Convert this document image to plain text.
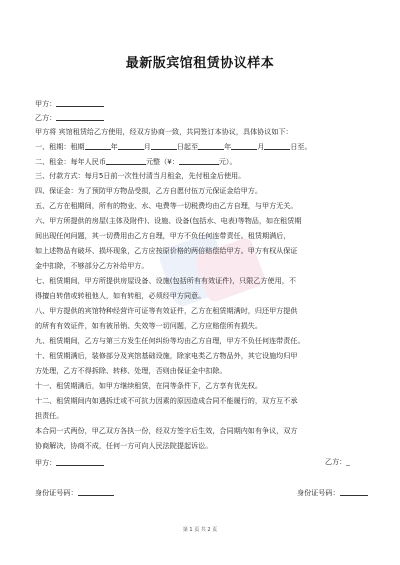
最新版宾馆租赁协议样本
甲方：
乙方：
甲方将 宾馆租赁给乙方使用，经双方协商一致，共同签订本协议，具体协议如下：
一、租期：租期	年	月	日起至	年	月	日至。
二、租金：每年人民币	元整（¥：	元）。
三、付款方式：每月5日前一次性付清当月租金，先付租金后使用。
四、保证金：为了预防甲方物品受损，乙方自愿付伍万元保证金给甲方。
五、乙方在租期间，所有的物业、水、电费等一切税费均由乙方自理，与甲方无关。
六、甲方所提供的房屋(主体及附件)、设施、设备(包括水、电表)等物品，如在租赁期
间出现任何问题，其一切费用由乙方自理，甲方不负任何连带责任。租赁期满后，
如上述物品有破坏、损坏现象，乙方应按原价格的两倍赔偿给甲方。甲方有权从保证
金中扣除，不够部分乙方补给甲方。
七、租赁期间，甲方所提供房屋设备、设施(包括所有有效证件)，只限乙方使用，不
得擅自转借或转租他人，如有转租，必须经甲方同意。
八、甲方提供的宾馆特种经营许可证等有效证件，乙方在租赁期满时，归还甲方提供
的所有有效证件，如有被吊销、失效等一切问题，乙方应赔偿所有损失。
九、租赁期间，乙方与第三方发生任何纠纷等均由乙方自理，甲方不负任何连带责任。
十、租赁期满后，装修部分及宾馆基础设施，除家电类乙方物品外，其它设施均归甲
方处理，乙方不得拆除、转移、处理，否则由保证金中扣除。
十一、租赁期满后，如甲方继续租赁，在同等条件下，乙方享有优先权。
十二、租赁期间内如遇拆迁或不可抗力因素的原因造成合同不能履行的，双方互不承
担责任。
本合同一式两份，甲乙双方各执一份，经双方签字后生效，合同期内如有争议，双方
协商解决，协商不成，任何一方可向人民法院提起诉讼。
甲方：	乙方：_
身份证号码：	身份证号码：
第 1 页 共 2 页
